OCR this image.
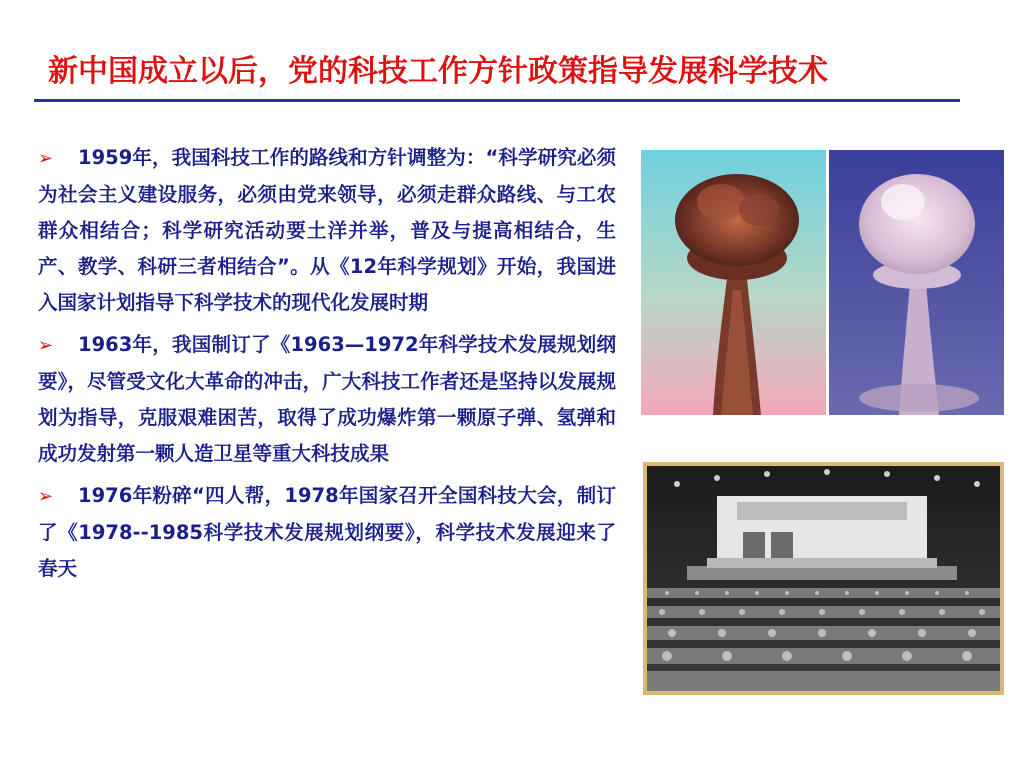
新中国成立以后，党的科技工作方针政策指导发展科学技术

➢ 1959年，我国科技工作的路线和方针调整为：“科学研究必须为社会主义建设服务，必须由党来领导，必须走群众路线、与工农群众相结合；科学研究活动要土洋并举，普及与提高相结合，生产、教学、科研三者相结合”。从《12年科学规划》开始，我国进入国家计划指导下科学技术的现代化发展时期

➢ 1963年，我国制订了《1963—1972年科学技术发展规划纲要》，尽管受文化大革命的冲击，广大科技工作者还是坚持以发展规划为指导，克服艰难困苦，取得了成功爆炸第一颗原子弹、氢弹和成功发射第一颗人造卫星等重大科技成果

➢ 1976年粉碎“四人帮，1978年国家召开全国科技大会，制订了《1978--1985科学技术发展规划纲要》，科学技术发展迎来了春天
